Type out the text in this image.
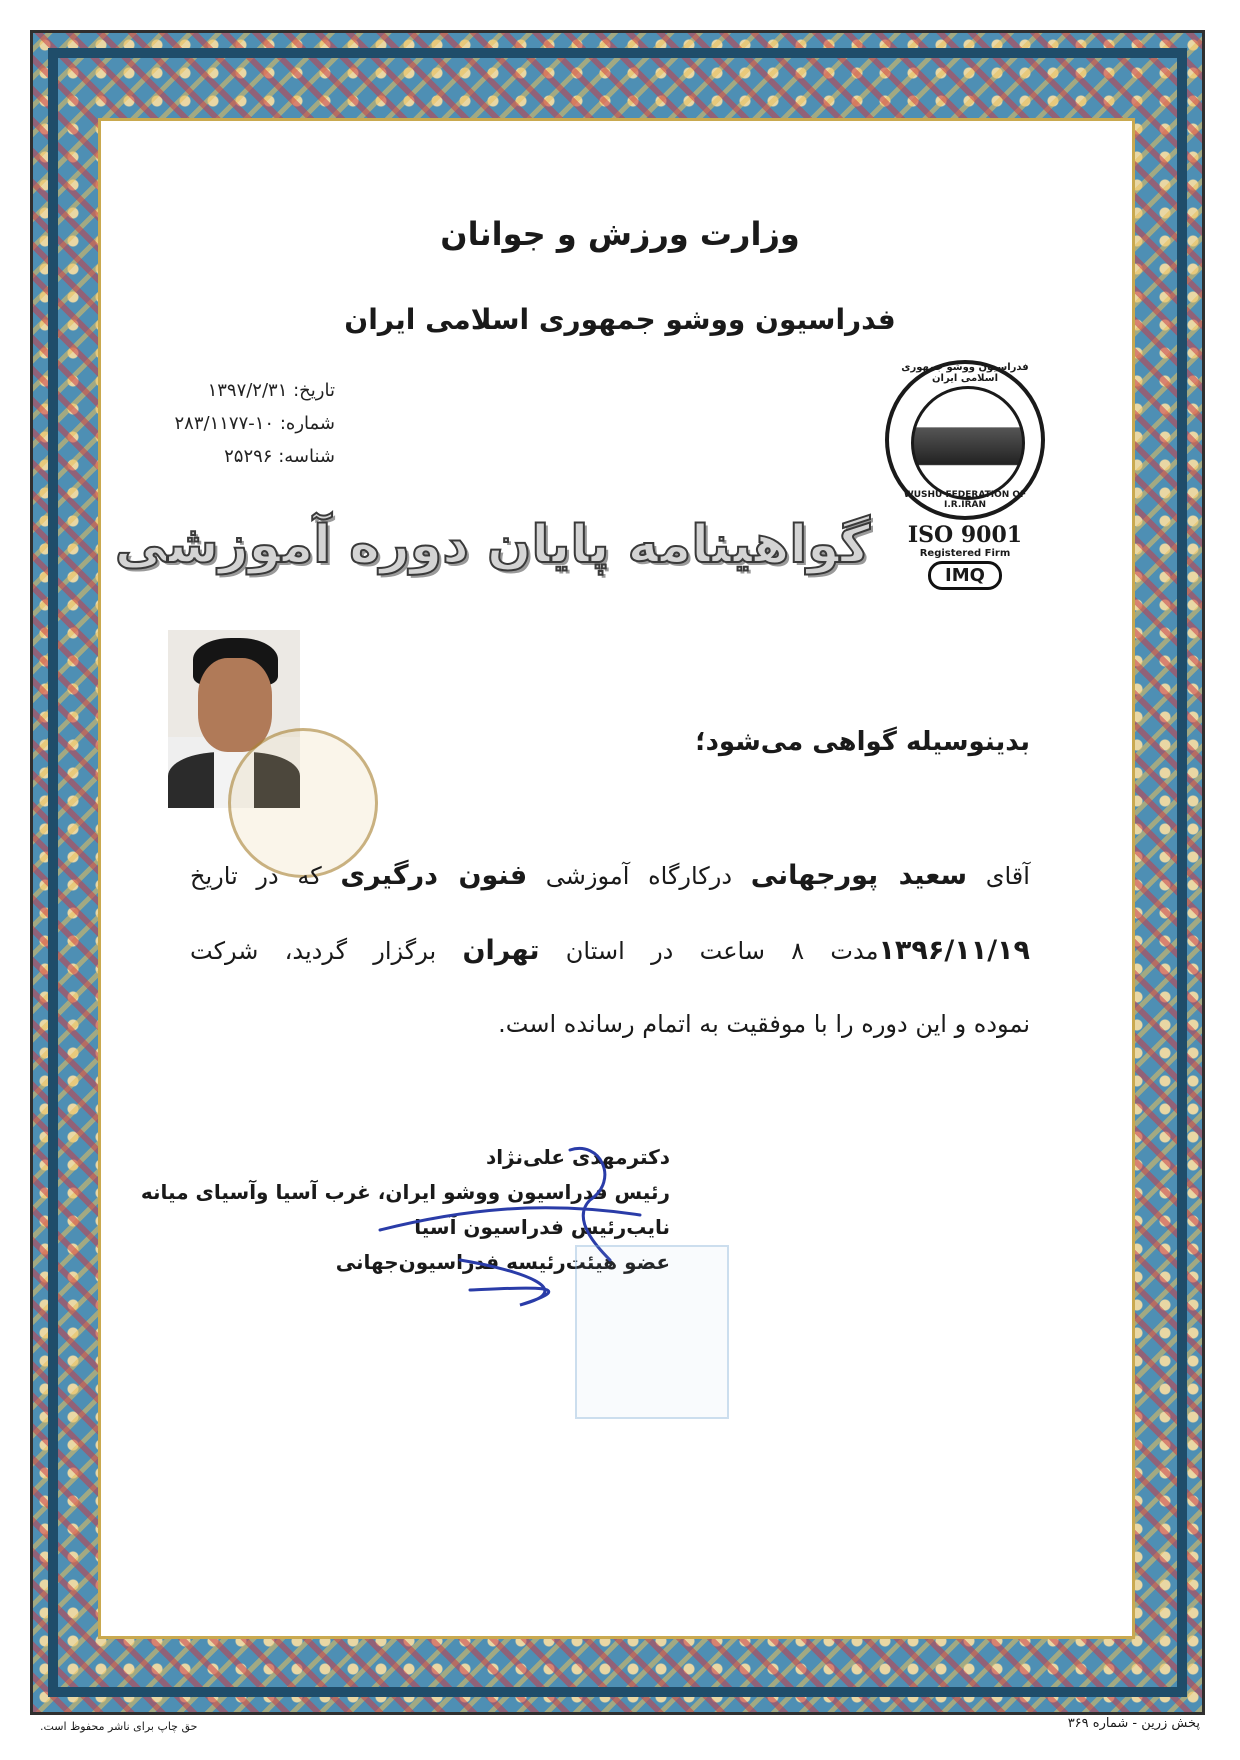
وزارت ورزش و جوانان
فدراسیون ووشو جمهوری اسلامی ایران
تاریخ: ۱۳۹۷/۲/۳۱
شماره: ۱۰-۲۸۳/۱۱۷۷
شناسه: ۲۵۲۹۶
فدراسیون ووشو جمهوری اسلامی ایران
WUSHU FEDERATION OF I.R.IRAN
ISO 9001
Registered Firm
IMQ
گواهینامه پایان دوره آموزشی
بدینوسیله گواهی می‌شود؛
آقای سعید پورجهانی درکارگاه آموزشی فنون درگیری که در تاریخ
۱۳۹۶/۱۱/۱۹مدت ۸ ساعت در استان تهران برگزار گردید، شرکت
نموده و این دوره را با موفقیت به اتمام رسانده است.
دکترمهدی علی‌نژاد
رئیس فدراسیون ووشو ایران، غرب آسیا وآسیای میانه
نایب‌رئیس فدراسیون آسیا
عضو هیئت‌رئیسه فدراسیون‌جهانی
حق چاپ برای ناشر محفوظ است.	پخش زرین - شماره ۳۶۹
